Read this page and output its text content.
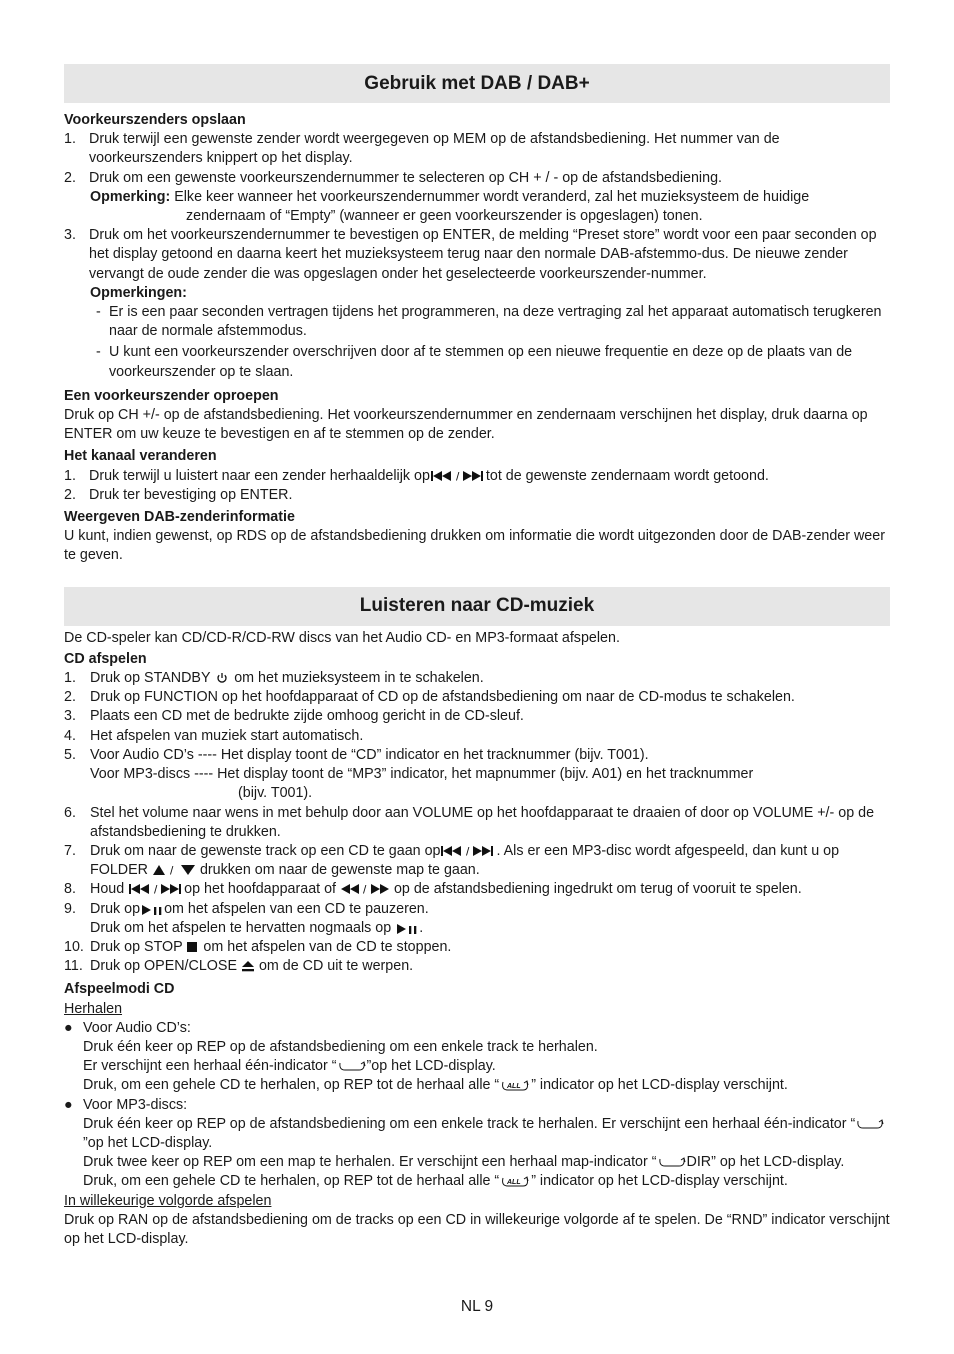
Gebruik met DAB / DAB+

Voorkeurszenders opslaan

1. Druk terwijl een gewenste zender wordt weergegeven op MEM op de afstandsbediening. Het nummer van de voorkeurszenders knippert op het display.

2. Druk om een gewenste voorkeurszendernummer te selecteren op CH + / - op de afstandsbediening.

Opmerking: Elke keer wanneer het voorkeurszendernummer wordt veranderd, zal het muzieksysteem de huidige zendernaam of “Empty” (wanneer er geen voorkeurszender is opgeslagen) tonen.

3. Druk om het voorkeurszendernummer te bevestigen op ENTER, de melding “Preset store” wordt voor een paar seconden op het display getoond en daarna keert het muzieksysteem terug naar den normale DAB-afstemmo-dus. De nieuwe zender vervangt de oude zender die was opgeslagen onder het geselecteerde voorkeurszender-nummer.

Opmerkingen:

- Er is een paar seconden vertragen tijdens het programmeren, na deze vertraging zal het apparaat automatisch terugkeren naar de normale afstemmodus.

- U kunt een voorkeurszender overschrijven door af te stemmen op een nieuwe frequentie en deze op de plaats van de voorkeurszender op te slaan.

Een voorkeurszender oproepen

Druk op CH +/- op de afstandsbediening. Het voorkeurszendernummer en zendernaam verschijnen het display, druk daarna op ENTER om uw keuze te bevestigen en af te stemmen op de zender.

Het kanaal veranderen

1. Druk terwijl u luistert naar een zender herhaaldelijk op / tot de gewenste zendernaam wordt getoond.

2. Druk ter bevestiging op ENTER.

Weergeven DAB-zenderinformatie

U kunt, indien gewenst, op RDS op de afstandsbediening drukken om informatie die wordt uitgezonden door de DAB-zender weer te geven.

Luisteren naar CD-muziek

De CD-speler kan CD/CD-R/CD-RW discs van het Audio CD- en MP3-formaat afspelen.

CD afspelen

1. Druk op STANDBY om het muzieksysteem in te schakelen.

2. Druk op FUNCTION op het hoofdapparaat of CD op de afstandsbediening om naar de CD-modus te schakelen.

3. Plaats een CD met de bedrukte zijde omhoog gericht in de CD-sleuf.

4. Het afspelen van muziek start automatisch.

5. Voor Audio CD’s ---- Het display toont de “CD” indicator en het tracknummer (bijv. T001).

Voor MP3-discs ---- Het display toont de “MP3” indicator, het mapnummer (bijv. A01) en het tracknummer
(bijv. T001).

6. Stel het volume naar wens in met behulp door aan VOLUME op het hoofdapparaat te draaien of door op VOLUME +/- op de afstandsbediening te drukken.

7. Druk om naar de gewenste track op een CD te gaan op / . Als er een MP3-disc wordt afgespeeld, dan kunt u op FOLDER / drukken om naar de gewenste map te gaan.

8. Houd / op het hoofdapparaat of / op de afstandsbediening ingedrukt om terug of vooruit te spelen.

9. Druk op om het afspelen van een CD te pauzeren.

Druk om het afspelen te hervatten nogmaals op .

10. Druk op STOP om het afspelen van de CD te stoppen.

11. Druk op OPEN/CLOSE om de CD uit te werpen.

Afspeelmodi CD

Herhalen

● Voor Audio CD’s:

Druk één keer op REP op de afstandsbediening om een enkele track te herhalen.
Er verschijnt een herhaal één-indicator “ ”op het LCD-display.
Druk, om een gehele CD te herhalen, op REP tot de herhaal alle “ ALL ” indicator op het LCD-display verschijnt.

● Voor MP3-discs:

Druk één keer op REP op de afstandsbediening om een enkele track te herhalen. Er verschijnt een herhaal één-indicator “”op het LCD-display.
Druk twee keer op REP om een map te herhalen. Er verschijnt een herhaal map-indicator “ DIR” op het LCD-display.
Druk, om een gehele CD te herhalen, op REP tot de herhaal alle “ ALL ” indicator op het LCD-display verschijnt.

In willekeurige volgorde afspelen

Druk op RAN op de afstandsbediening om de tracks op een CD in willekeurige volgorde af te spelen. De “RND” indicator verschijnt op het LCD-display.

NL 9
